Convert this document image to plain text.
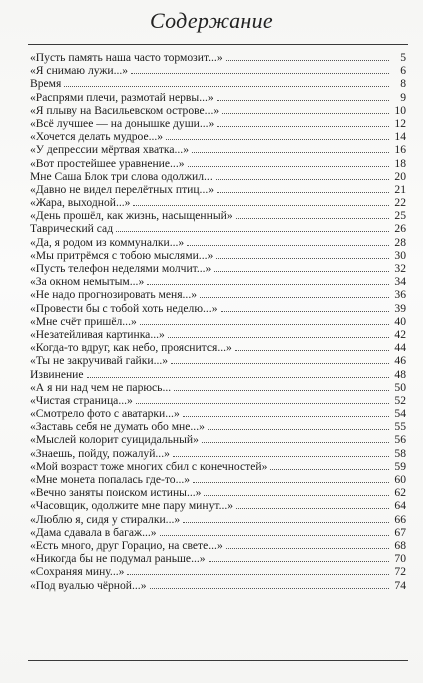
Содержание
«Пусть память наша часто тормозит...»	5
«Я снимаю лужи...»	6
Время	8
«Распрями плечи, размотай нервы...»	9
«Я плыву на Васильевском острове...»	10
«Всё лучшее — на донышке души...»	12
«Хочется делать мудрое...»	14
«У депрессии мёртвая хватка...»	16
«Вот простейшее уравнение...»	18
Мне Саша Блок три слова одолжил...	20
«Давно не видел перелётных птиц...»	21
«Жара, выходной...»	22
«День прошёл, как жизнь, насыщенный»	25
Таврический сад	26
«Да, я родом из коммуналки...»	28
«Мы притрёмся с тобою мыслями...»	30
«Пусть телефон неделями молчит...»	32
«За окном немытым...»	34
«Не надо прогнозировать меня...»	36
«Провести бы с тобой хоть неделю...»	39
«Мне счёт пришёл...»	40
«Незатейливая картинка...»	42
«Когда-то вдруг, как небо, прояснится...»	44
«Ты не закручивай гайки...»	46
Извинение	48
«А я ни над чем не парюсь...	50
«Чистая страница...»	52
«Смотрело фото с аватарки...»	54
«Заставь себя не думать обо мне...»	55
«Мыслей колорит суицидальный»	56
«Знаешь, пойду, пожалуй...»	58
«Мой возраст тоже многих сбил с конечностей»	59
«Мне монета попалась где-то...»	60
«Вечно заняты поиском истины...»	62
«Часовщик, одолжите мне пару минут...»	64
«Люблю я, сидя у стиралки...»	66
«Дама сдавала в багаж...»	67
«Есть много, друг Горацио, на свете...»	68
«Никогда бы не подумал раньше...»	70
«Сохраняя мину...»	72
«Под вуалью чёрной...»	74
